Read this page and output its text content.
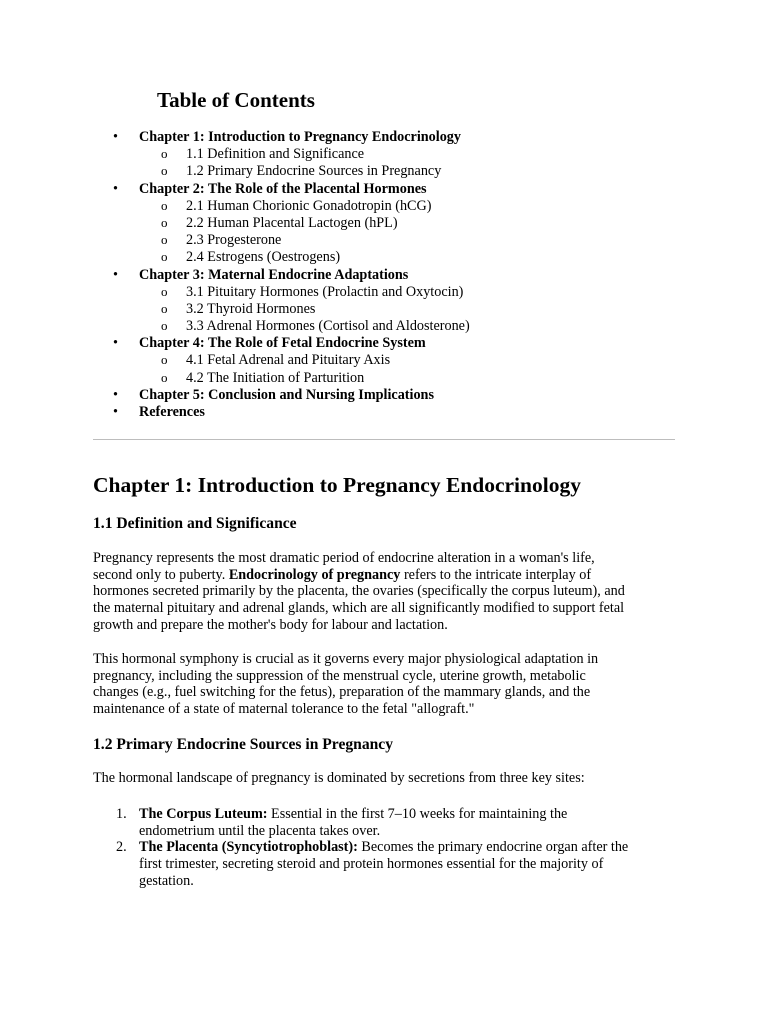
Table of Contents
• Chapter 1: Introduction to Pregnancy Endocrinology
o 1.1 Definition and Significance
o 1.2 Primary Endocrine Sources in Pregnancy
• Chapter 2: The Role of the Placental Hormones
o 2.1 Human Chorionic Gonadotropin (hCG)
o 2.2 Human Placental Lactogen (hPL)
o 2.3 Progesterone
o 2.4 Estrogens (Oestrogens)
• Chapter 3: Maternal Endocrine Adaptations
o 3.1 Pituitary Hormones (Prolactin and Oxytocin)
o 3.2 Thyroid Hormones
o 3.3 Adrenal Hormones (Cortisol and Aldosterone)
• Chapter 4: The Role of Fetal Endocrine System
o 4.1 Fetal Adrenal and Pituitary Axis
o 4.2 The Initiation of Parturition
• Chapter 5: Conclusion and Nursing Implications
• References
Chapter 1: Introduction to Pregnancy Endocrinology
1.1 Definition and Significance

Pregnancy represents the most dramatic period of endocrine alteration in a woman's life,
second only to puberty. Endocrinology of pregnancy refers to the intricate interplay of
hormones secreted primarily by the placenta, the ovaries (specifically the corpus luteum), and
the maternal pituitary and adrenal glands, which are all significantly modified to support fetal
growth and prepare the mother's body for labour and lactation.

This hormonal symphony is crucial as it governs every major physiological adaptation in
pregnancy, including the suppression of the menstrual cycle, uterine growth, metabolic
changes (e.g., fuel switching for the fetus), preparation of the mammary glands, and the
maintenance of a state of maternal tolerance to the fetal "allograft."

1.2 Primary Endocrine Sources in Pregnancy

The hormonal landscape of pregnancy is dominated by secretions from three key sites:

1. The Corpus Luteum: Essential in the first 7–10 weeks for maintaining the
endometrium until the placenta takes over.
2. The Placenta (Syncytiotrophoblast): Becomes the primary endocrine organ after the
first trimester, secreting steroid and protein hormones essential for the majority of
gestation.
